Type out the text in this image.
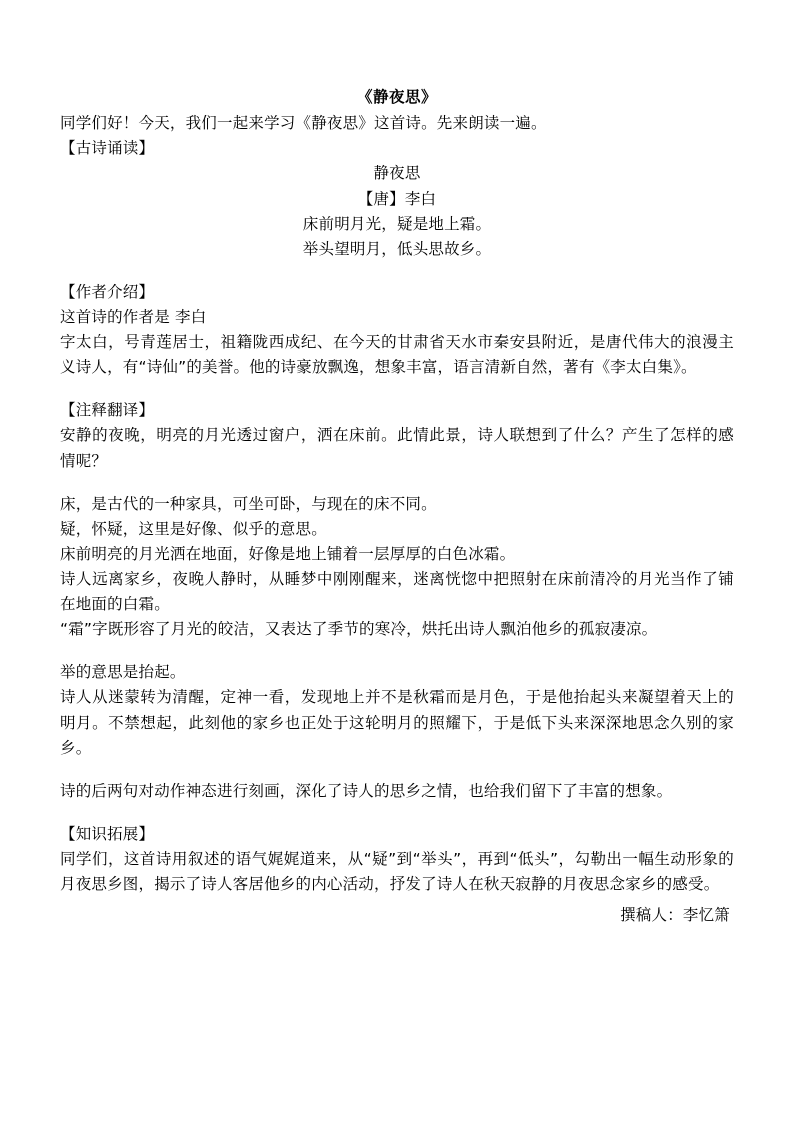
《静夜思》

同学们好！今天，我们一起来学习《静夜思》这首诗。先来朗读一遍。

【古诗诵读】

静夜思

【唐】李白

床前明月光，疑是地上霜。

举头望明月，低头思故乡。

【作者介绍】

这首诗的作者是 李白

字太白，号青莲居士，祖籍陇西成纪、在今天的甘肃省天水市秦安县附近，是唐代伟大的浪漫主义诗人，有“诗仙”的美誉。他的诗豪放飘逸，想象丰富，语言清新自然，著有《李太白集》。

【注释翻译】

安静的夜晚，明亮的月光透过窗户，洒在床前。此情此景，诗人联想到了什么？产生了怎样的感情呢？

床，是古代的一种家具，可坐可卧，与现在的床不同。

疑，怀疑，这里是好像、似乎的意思。

床前明亮的月光洒在地面，好像是地上铺着一层厚厚的白色冰霜。

诗人远离家乡，夜晚人静时，从睡梦中刚刚醒来，迷离恍惚中把照射在床前清冷的月光当作了铺在地面的白霜。

“霜”字既形容了月光的皎洁，又表达了季节的寒冷，烘托出诗人飘泊他乡的孤寂凄凉。

举的意思是抬起。

诗人从迷蒙转为清醒，定神一看，发现地上并不是秋霜而是月色，于是他抬起头来凝望着天上的明月。不禁想起，此刻他的家乡也正处于这轮明月的照耀下，于是低下头来深深地思念久别的家乡。

诗的后两句对动作神态进行刻画，深化了诗人的思乡之情，也给我们留下了丰富的想象。

【知识拓展】

同学们，这首诗用叙述的语气娓娓道来，从“疑”到“举头”，再到“低头”，勾勒出一幅生动形象的月夜思乡图，揭示了诗人客居他乡的内心活动，抒发了诗人在秋天寂静的月夜思念家乡的感受。

撰稿人：李忆箫
